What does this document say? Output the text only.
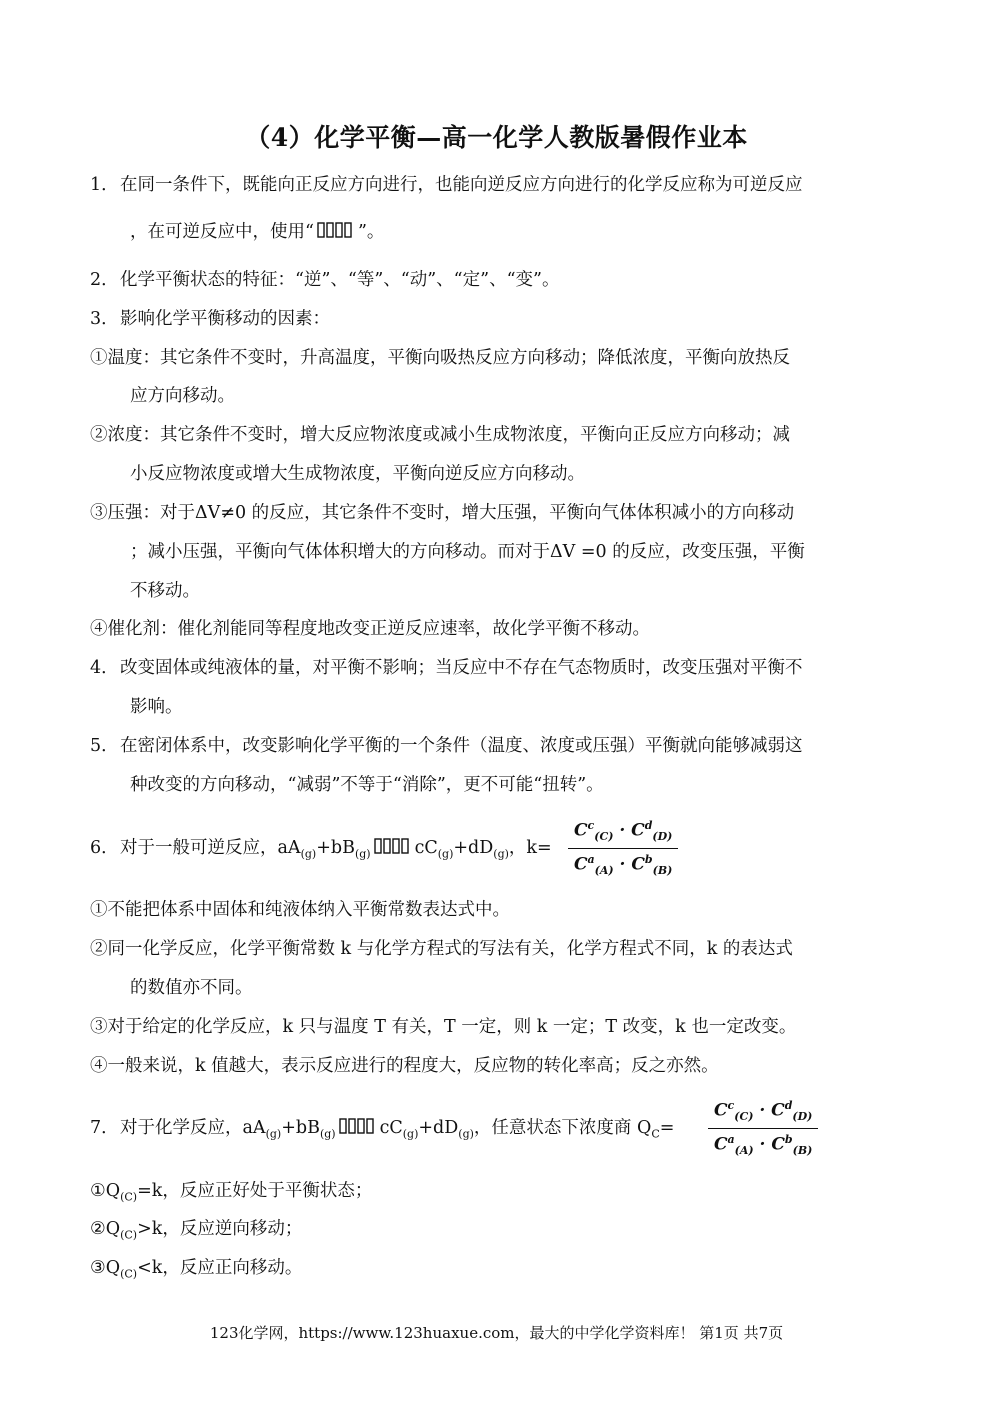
（4）化学平衡—高一化学人教版暑假作业本
1．在同一条件下，既能向正反应方向进行，也能向逆反应方向进行的化学反应称为可逆反应
，在可逆反应中，使用“	”。
2．化学平衡状态的特征：“逆”、“等”、“动”、“定”、“变”。
3．影响化学平衡移动的因素：
①温度：其它条件不变时，升高温度，平衡向吸热反应方向移动；降低浓度，平衡向放热反
应方向移动。
②浓度：其它条件不变时，增大反应物浓度或减小生成物浓度，平衡向正反应方向移动；减
小反应物浓度或增大生成物浓度，平衡向逆反应方向移动。
③压强：对于ΔV≠0 的反应，其它条件不变时，增大压强，平衡向气体体积减小的方向移动
；减小压强，平衡向气体体积增大的方向移动。而对于ΔV =0 的反应，改变压强，平衡
不移动。
④催化剂：催化剂能同等程度地改变正逆反应速率，故化学平衡不移动。
4．改变固体或纯液体的量，对平衡不影响；当反应中不存在气态物质时，改变压强对平衡不
影响。
5．在密闭体系中，改变影响化学平衡的一个条件（温度、浓度或压强）平衡就向能够减弱这
种改变的方向移动，“减弱”不等于“消除”，更不可能“扭转”。
6．对于一般可逆反应，$aA_{(g)}+bB_{(g)}$	$cC_{(g)}+dD_{(g)}$，k=
$C^c_{(C)} \cdot C^d_{(D)}$
$C^a_{(A)} \cdot C^b_{(B)}$
①不能把体系中固体和纯液体纳入平衡常数表达式中。
②同一化学反应，化学平衡常数 k 与化学方程式的写法有关，化学方程式不同，k 的表达式
的数值亦不同。
③对于给定的化学反应，k 只与温度 T 有关，T 一定，则 k 一定；T 改变，k 也一定改变。
④一般来说，k 值越大，表示反应进行的程度大，反应物的转化率高；反之亦然。
7．对于化学反应，$aA_{(g)}+bB_{(g)}$	$cC_{(g)}+dD_{(g)}$，任意状态下浓度商 $Q_C=$
$C^c_{(C)} \cdot C^d_{(D)}$
$C^a_{(A)} \cdot C^b_{(B)}$
$①Q_{(C)}=k$，反应正好处于平衡状态；
$②Q_{(C)}>k$，反应逆向移动；
$③Q_{(C)}<k$，反应正向移动。
123化学网，https://www.123huaxue.com，最大的中学化学资料库！ 第1页 共7页
